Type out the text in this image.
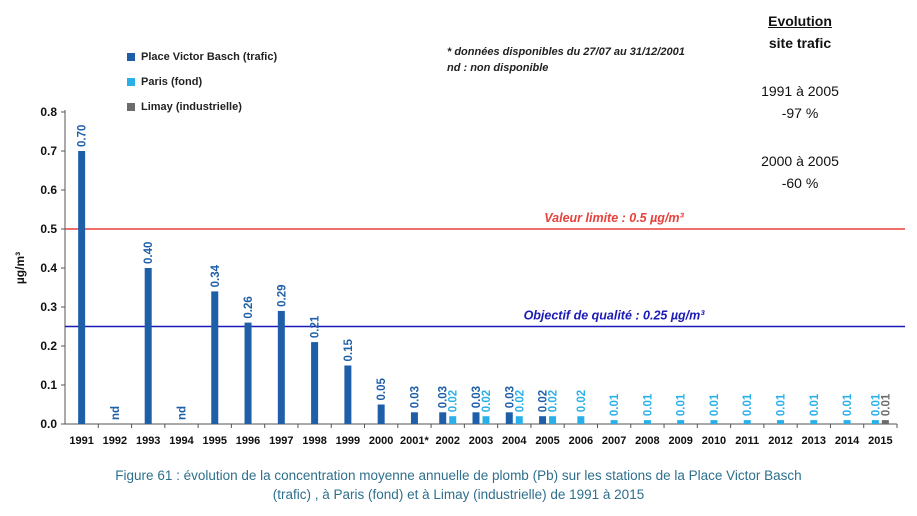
0.0
0.1
0.2
0.3
0.4
0.5
0.6
0.7
0.8
µg/m³
1991 1992 1993 1994 1995 1996 1997 1998 1999 2000 2001* 2002 2003 2004 2005 2006 2007 2008 2009 2010 2011 2012 2013 2014 2015
Valeur limite : 0.5 µg/m³
Objectif de qualité : 0.25 µg/m³
0.70
nd
0.40
nd
0.34
0.26
0.29
0.21
0.15
0.05 0.03 0.03
0.02 0.03
0.02 0.03
0.02 0.02
0.02 0.02 0.01 0.01 0.01 0.01 0.01 0.01 0.01 0.01 0.01
0.01
Place Victor Basch (trafic)
Paris (fond)
Limay (industrielle)
* données disponibles du 27/07 au 31/12/2001
nd : non disponible
Evolution
site trafic
1991 à 2005
-97 %
2000 à 2005
-60 %
Figure 61 : évolution de la concentration moyenne annuelle de plomb (Pb) sur les stations de la Place Victor Basch
(trafic) , à Paris (fond) et à Limay (industrielle) de 1991 à 2015
